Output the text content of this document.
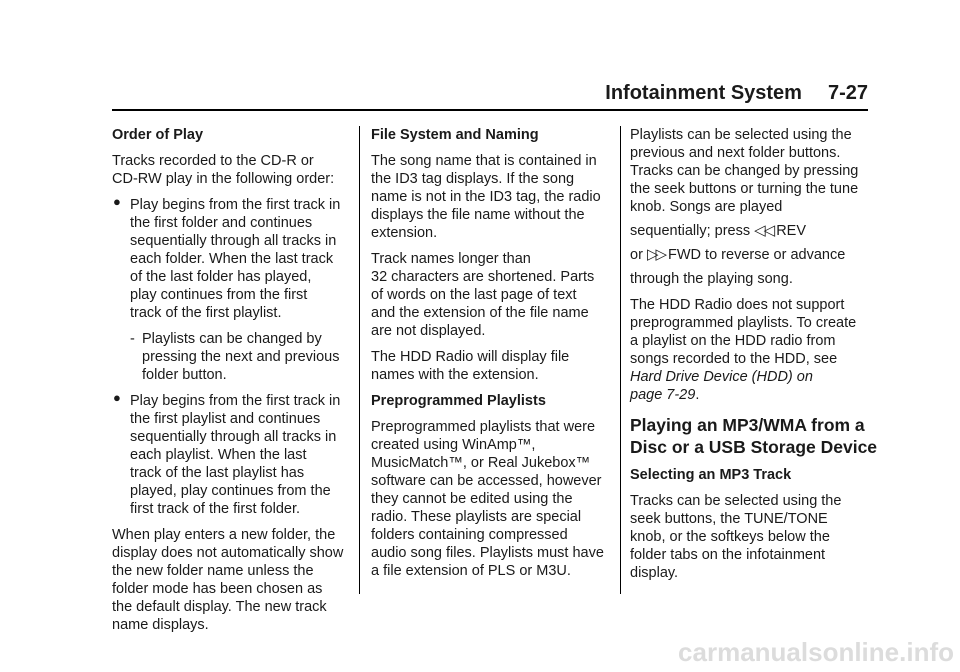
Infotainment System 7-27

Order of Play

Tracks recorded to the CD-R or
CD-RW play in the following order:

● Play begins from the first track in
the first folder and continues
sequentially through all tracks in
each folder. When the last track
of the last folder has played,
play continues from the first
track of the first playlist.
- Playlists can be changed by
pressing the next and previous
folder button.
● Play begins from the first track in
the first playlist and continues
sequentially through all tracks in
each playlist. When the last
track of the last playlist has
played, play continues from the
first track of the first folder.

When play enters a new folder, the
display does not automatically show
the new folder name unless the
folder mode has been chosen as
the default display. The new track
name displays.

File System and Naming

The song name that is contained in
the ID3 tag displays. If the song
name is not in the ID3 tag, the radio
displays the file name without the
extension.

Track names longer than
32 characters are shortened. Parts
of words on the last page of text
and the extension of the file name
are not displayed.

The HDD Radio will display file
names with the extension.

Preprogrammed Playlists

Preprogrammed playlists that were
created using WinAmp™,
MusicMatch™, or Real Jukebox™
software can be accessed, however
they cannot be edited using the
radio. These playlists are special
folders containing compressed
audio song files. Playlists must have
a file extension of PLS or M3U.

Playlists can be selected using the
previous and next folder buttons.
Tracks can be changed by pressing
the seek buttons or turning the tune
knob. Songs are played
sequentially; press ◁◁ REV
or ▷▷ FWD to reverse or advance
through the playing song.

The HDD Radio does not support
preprogrammed playlists. To create
a playlist on the HDD radio from
songs recorded to the HDD, see
Hard Drive Device (HDD) on
page 7-29.

Playing an MP3/WMA from a
Disc or a USB Storage Device

Selecting an MP3 Track

Tracks can be selected using the
seek buttons, the TUNE/TONE
knob, or the softkeys below the
folder tabs on the infotainment
display.

carmanualsonline.info
